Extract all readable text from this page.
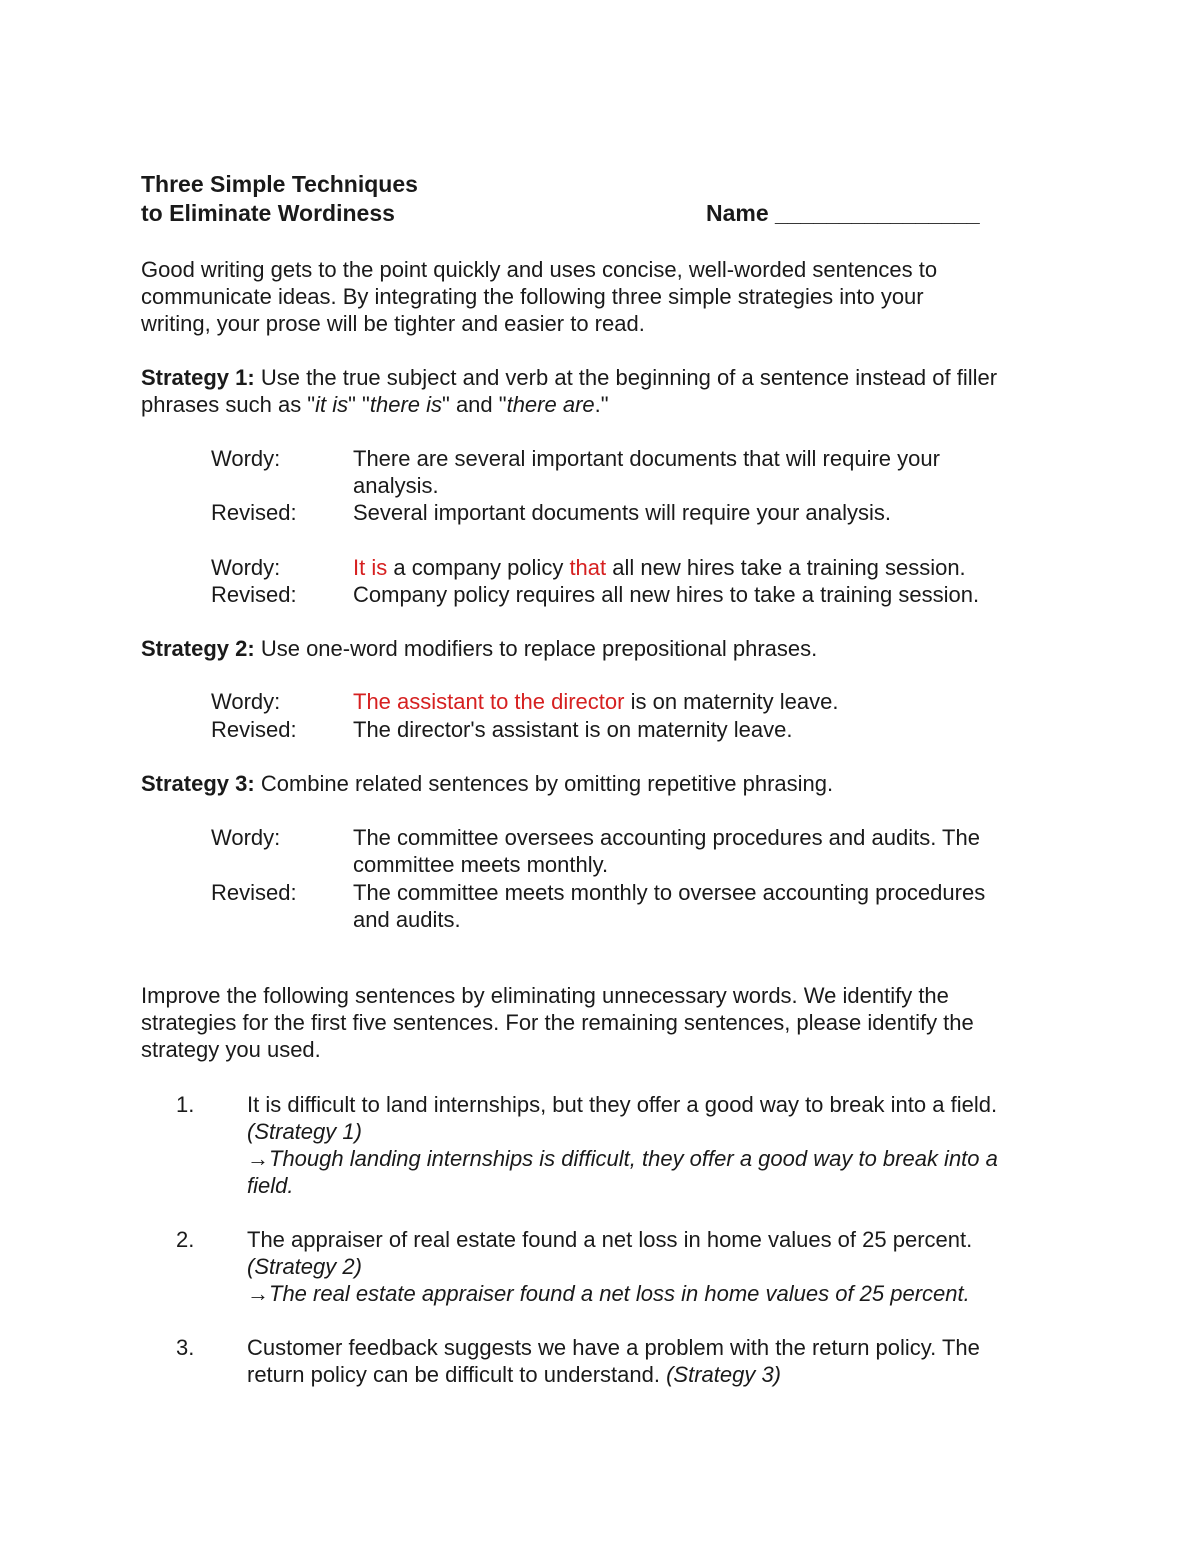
Three Simple Techniques
to Eliminate Wordiness	Name ________________

Good writing gets to the point quickly and uses concise, well-worded sentences to

communicate ideas. By integrating the following three simple strategies into your

writing, your prose will be tighter and easier to read.

Strategy 1: Use the true subject and verb at the beginning of a sentence instead of filler

phrases such as "it is" "there is" and "there are."

Wordy:	There are several important documents that will require your

analysis.

Revised:	Several important documents will require your analysis.
Wordy:	It is a company policy that all new hires take a training session.
Revised:	Company policy requires all new hires to take a training session.
Strategy 2: Use one-word modifiers to replace prepositional phrases.
Wordy:	The assistant to the director is on maternity leave.
Revised:	The director's assistant is on maternity leave.
Strategy 3: Combine related sentences by omitting repetitive phrasing.
Wordy:	The committee oversees accounting procedures and audits. The

committee meets monthly.

Revised:	The committee meets monthly to oversee accounting procedures

and audits.

Improve the following sentences by eliminating unnecessary words. We identify the

strategies for the first five sentences. For the remaining sentences, please identify the

strategy you used.

1. It is difficult to land internships, but they offer a good way to break into a field.

(Strategy 1)

→Though landing internships is difficult, they offer a good way to break into a

field.

2. The appraiser of real estate found a net loss in home values of 25 percent.

(Strategy 2)

→The real estate appraiser found a net loss in home values of 25 percent.

3. Customer feedback suggests we have a problem with the return policy. The

return policy can be difficult to understand. (Strategy 3)
